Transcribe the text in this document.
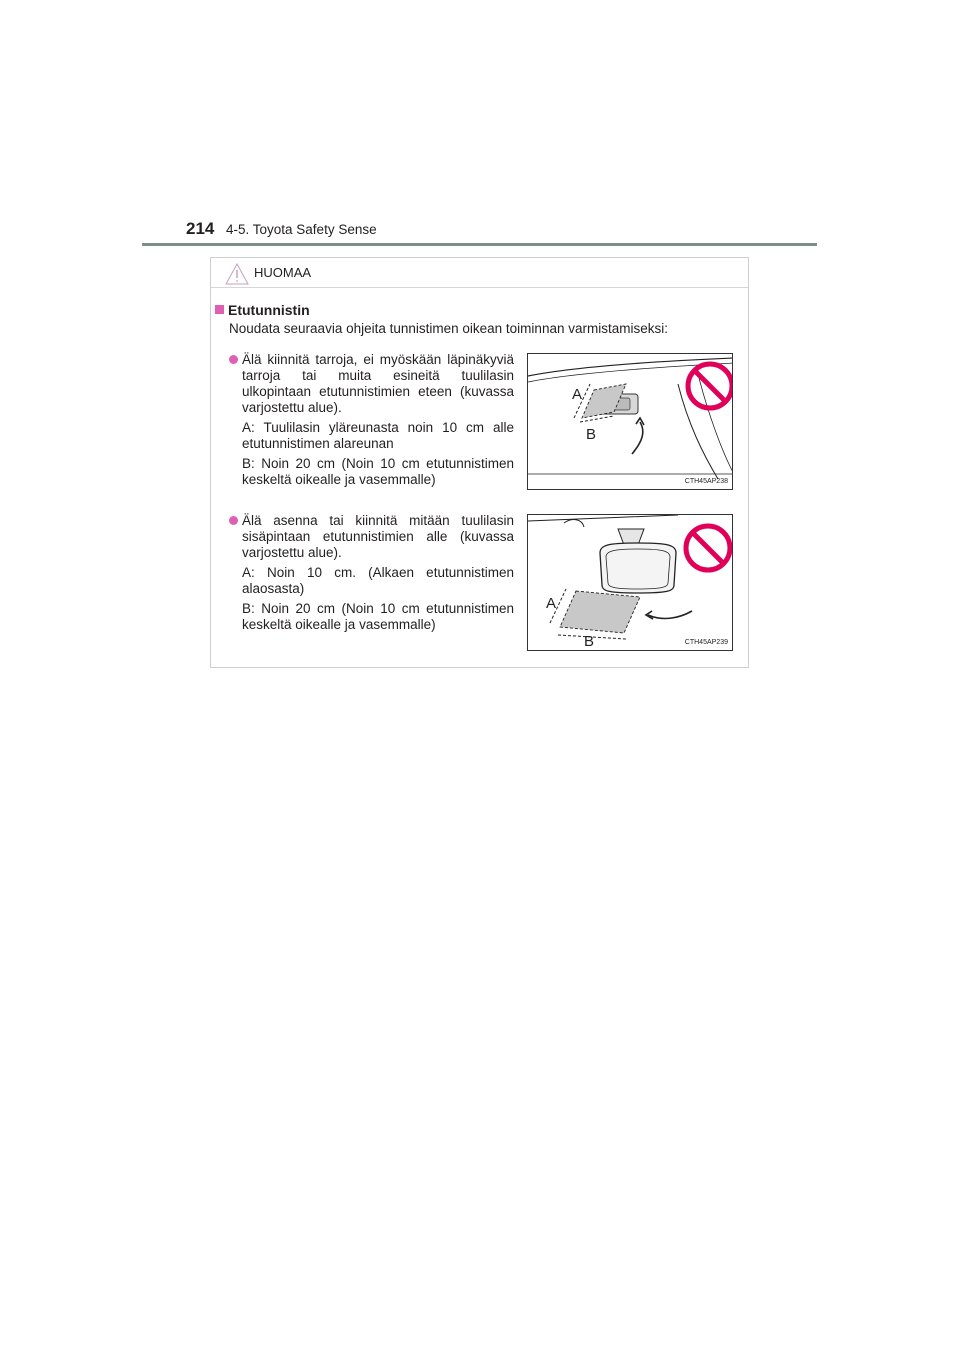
214 4-5. Toyota Safety Sense
HUOMAA
Etutunnistin
Noudata seuraavia ohjeita tunnistimen oikean toiminnan varmistamiseksi:

Älä kiinnitä tarroja, ei myöskään läpinäkyviä tarroja tai muita esineitä tuulilasin ulkopintaan etutunnistimien eteen (kuvassa varjostettu alue).

A: Tuulilasin yläreunasta noin 10 cm alle etutunnistimen alareunan

B: Noin 20 cm (Noin 10 cm etutunnistimen keskeltä oikealle ja vasemmalle)

A
B
CTH45AP238

Älä asenna tai kiinnitä mitään tuulilasin sisäpintaan etutunnistimien alle (kuvassa varjostettu alue).

A: Noin 10 cm. (Alkaen etutunnistimen alaosasta)

B: Noin 20 cm (Noin 10 cm etutunnistimen keskeltä oikealle ja vasemmalle)

A
B	CTH45AP239
